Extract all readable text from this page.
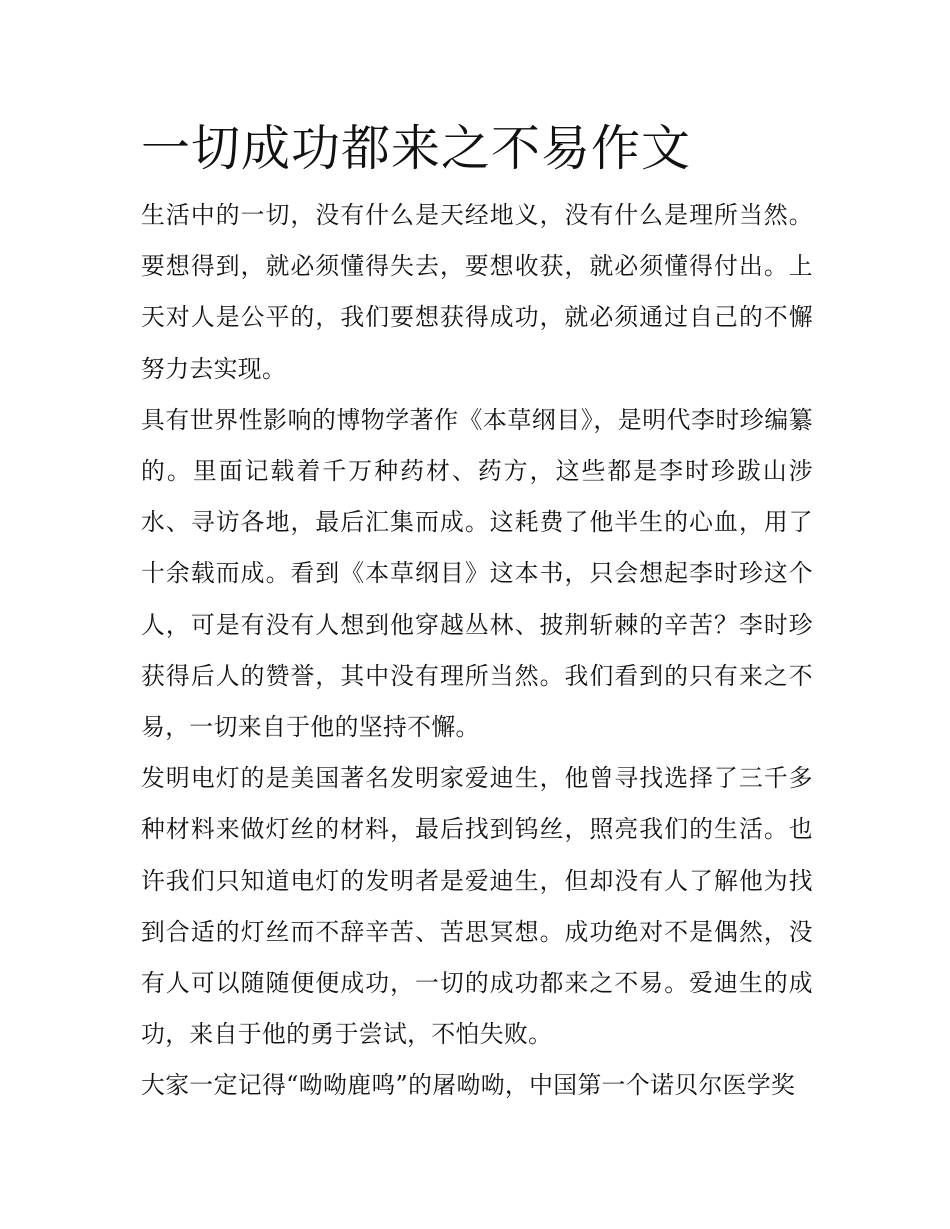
一切成功都来之不易作文

生活中的一切，没有什么是天经地义，没有什么是理所当然。要想得到，就必须懂得失去，要想收获，就必须懂得付出。上天对人是公平的，我们要想获得成功，就必须通过自己的不懈努力去实现。

具有世界性影响的博物学著作《本草纲目》，是明代李时珍编纂的。里面记载着千万种药材、药方，这些都是李时珍跋山涉水、寻访各地，最后汇集而成。这耗费了他半生的心血，用了十余载而成。看到《本草纲目》这本书，只会想起李时珍这个人，可是有没有人想到他穿越丛林、披荆斩棘的辛苦？李时珍获得后人的赞誉，其中没有理所当然。我们看到的只有来之不易，一切来自于他的坚持不懈。

发明电灯的是美国著名发明家爱迪生，他曾寻找选择了三千多种材料来做灯丝的材料，最后找到钨丝，照亮我们的生活。也许我们只知道电灯的发明者是爱迪生，但却没有人了解他为找到合适的灯丝而不辞辛苦、苦思冥想。成功绝对不是偶然，没有人可以随随便便成功，一切的成功都来之不易。爱迪生的成功，来自于他的勇于尝试，不怕失败。

大家一定记得“呦呦鹿鸣”的屠呦呦，中国第一个诺贝尔医学奖
